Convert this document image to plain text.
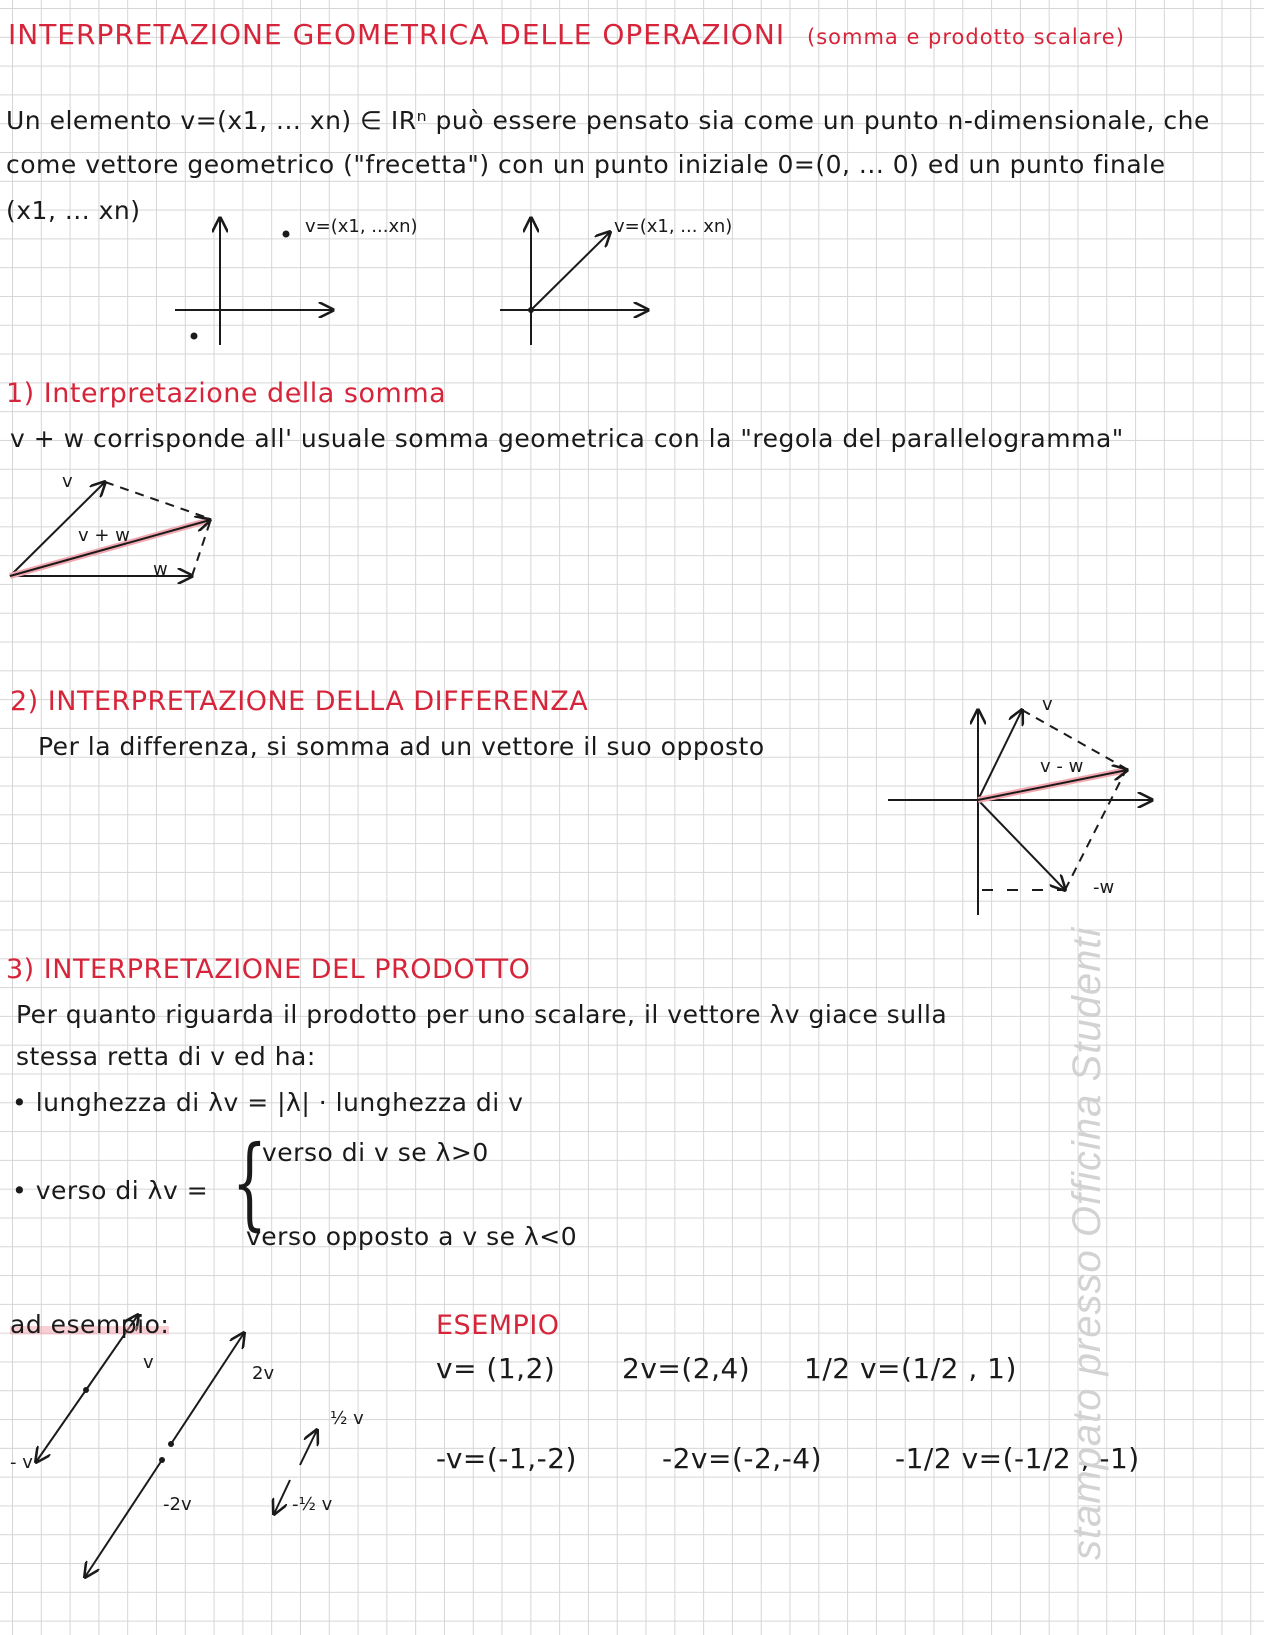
INTERPRETAZIONE GEOMETRICA DELLE OPERAZIONI (somma e prodotto scalare)
Un elemento v=(x1, ... xn) ∈ IRⁿ può essere pensato sia come un punto n-dimensionale, che
come vettore geometrico ("frecetta") con un punto iniziale 0=(0, ... 0) ed un punto finale
(x1, ... xn)
v=(x1, ...xn)	v=(x1, ... xn)
v
v + w
w
v
v - w
-w
v
2v
- v
-2v
½ v
-½ v
1) Interpretazione della somma
v + w corrisponde all' usuale somma geometrica con la "regola del parallelogramma"
2) INTERPRETAZIONE DELLA DIFFERENZA
Per la differenza, si somma ad un vettore il suo opposto
3) INTERPRETAZIONE DEL PRODOTTO
Per quanto riguarda il prodotto per uno scalare, il vettore λv giace sulla
stessa retta di v ed ha:
• lunghezza di λv = |λ| · lunghezza di v
• verso di λv = {
verso di v se λ>0
verso opposto a v se λ<0
ad esempio:	ESEMPIO
v= (1,2) 2v=(2,4) 1/2 v=(1/2 , 1)
-v=(-1,-2)	-2v=(-2,-4)	-1/2 v=(-1/2 , -1)
stampato presso Officina Studenti
